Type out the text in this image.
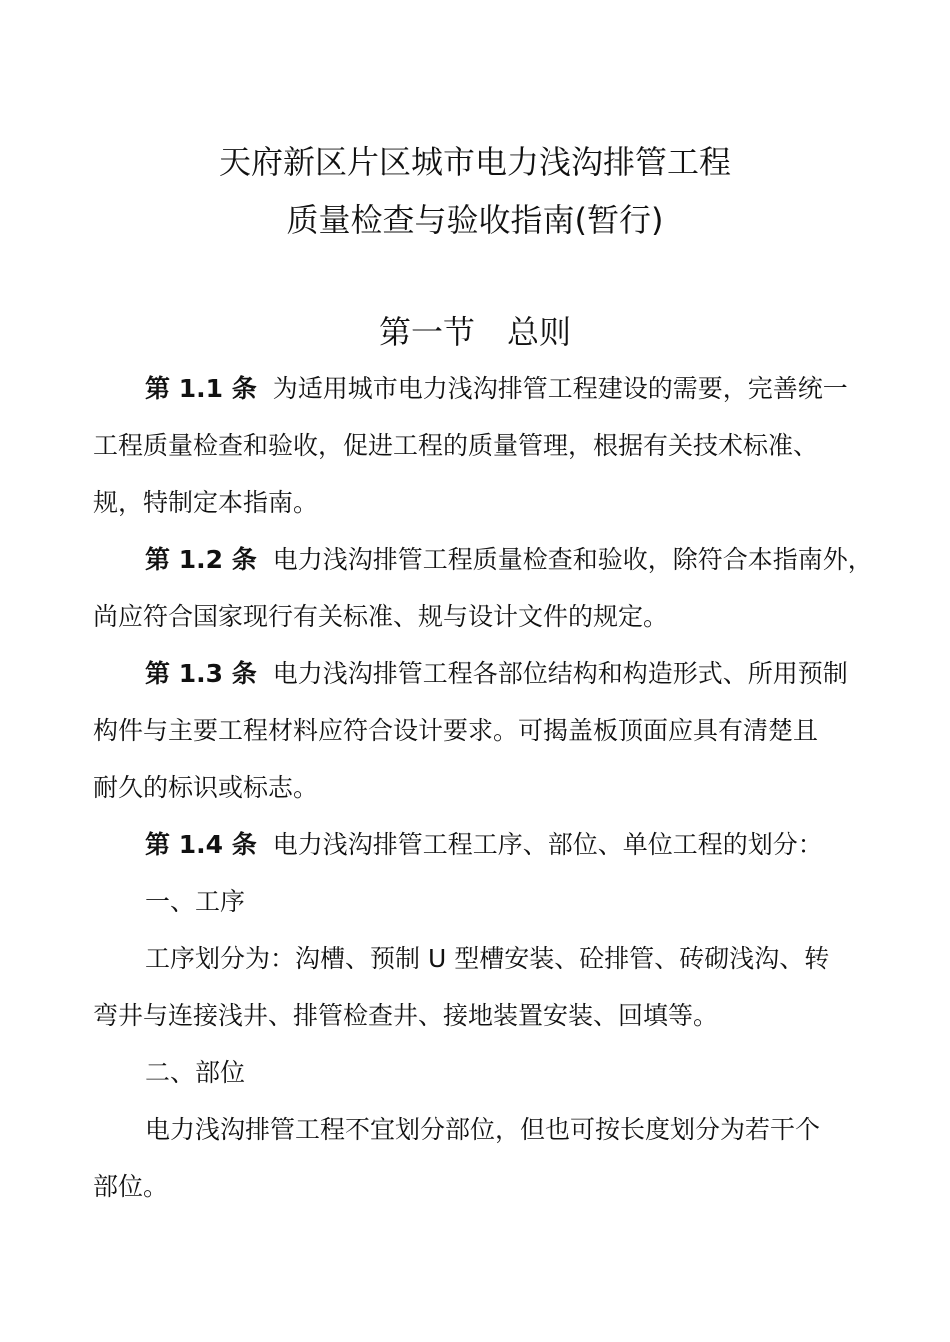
天府新区片区城市电力浅沟排管工程
质量检查与验收指南(暂行)
第一节 总则
第 1.1 条 为适用城市电力浅沟排管工程建设的需要，完善统一
工程质量检查和验收，促进工程的质量管理，根据有关技术标准、
规，特制定本指南。
第 1.2 条 电力浅沟排管工程质量检查和验收，除符合本指南外，
尚应符合国家现行有关标准、规与设计文件的规定。
第 1.3 条 电力浅沟排管工程各部位结构和构造形式、所用预制
构件与主要工程材料应符合设计要求。可揭盖板顶面应具有清楚且
耐久的标识或标志。
第 1.4 条 电力浅沟排管工程工序、部位、单位工程的划分：
一、工序
工序划分为：沟槽、预制 U 型槽安装、砼排管、砖砌浅沟、转
弯井与连接浅井、排管检查井、接地装置安装、回填等。
二、部位
电力浅沟排管工程不宜划分部位，但也可按长度划分为若干个
部位。
